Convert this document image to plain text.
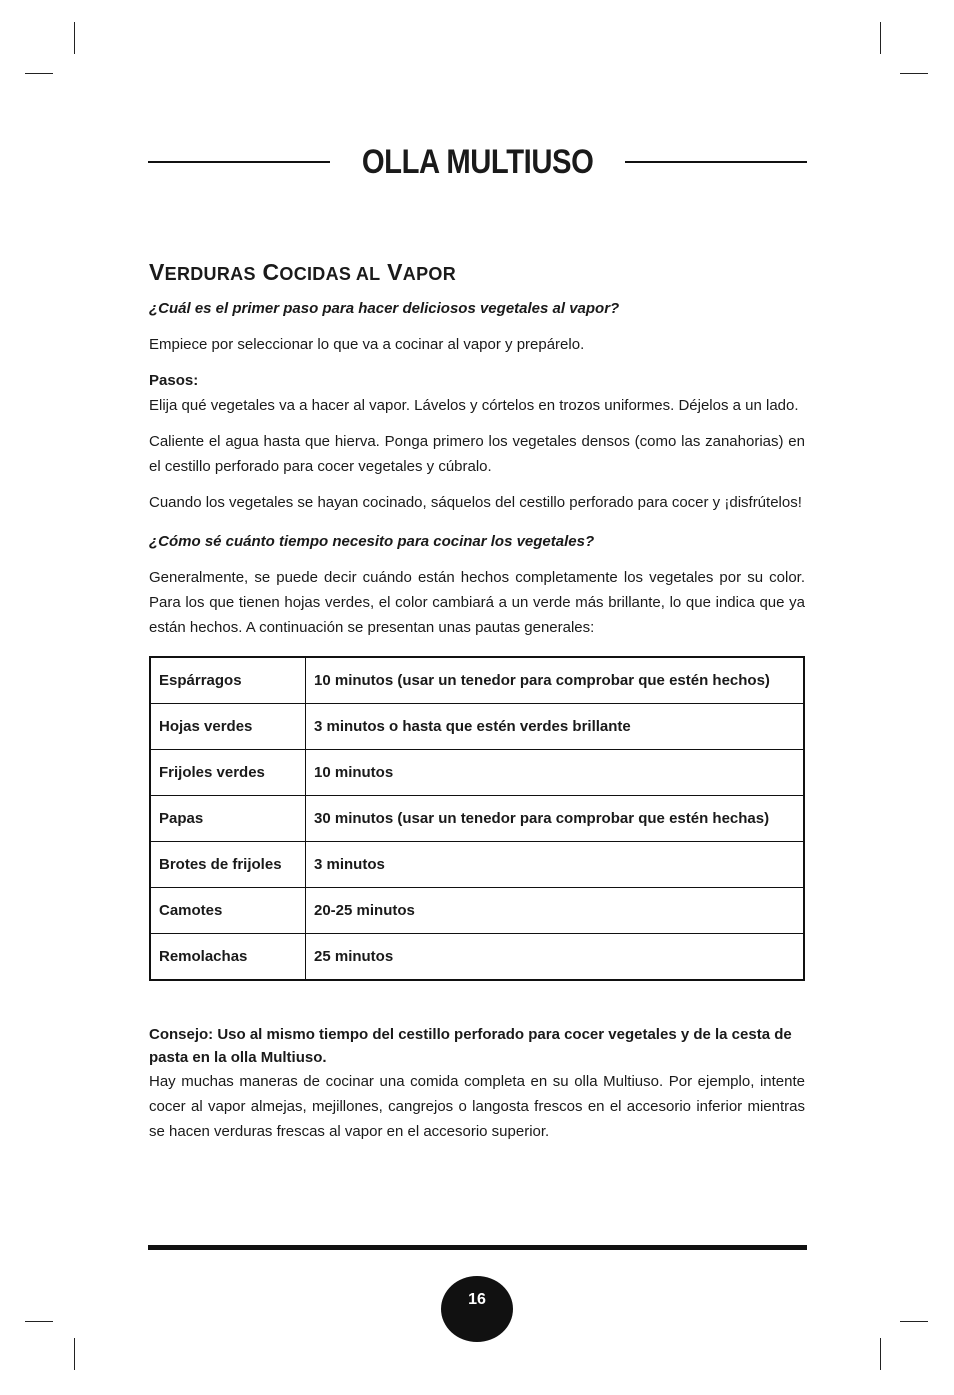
OLLA MULTIUSO
VERDURAS COCIDAS AL VAPOR
¿Cuál es el primer paso para hacer deliciosos vegetales al vapor?

Empiece por seleccionar lo que va a cocinar al vapor y prepárelo.

Pasos:

Elija qué vegetales va a hacer al vapor. Lávelos y córtelos en trozos uniformes. Déjelos a un lado.

Caliente el agua hasta que hierva. Ponga primero los vegetales densos (como las zanahorias) en el cestillo perforado para cocer vegetales y cúbralo.

Cuando los vegetales se hayan cocinado, sáquelos del cestillo perforado para cocer y ¡disfrútelos!

¿Cómo sé cuánto tiempo necesito para cocinar los vegetales?

Generalmente, se puede decir cuándo están hechos completamente los vegetales por su color. Para los que tienen hojas verdes, el color cambiará a un verde más brillante, lo que indica que ya están hechos. A continuación se presentan unas pautas generales:

Espárragos	10 minutos (usar un tenedor para comprobar que estén hechos)
Hojas verdes	3 minutos o hasta que estén verdes brillante
Frijoles verdes	10 minutos
Papas	30 minutos (usar un tenedor para comprobar que estén hechas)
Brotes de frijoles	3 minutos
Camotes	20-25 minutos
Remolachas	25 minutos
Consejo: Uso al mismo tiempo del cestillo perforado para cocer vegetales y de la cesta de pasta en la olla Multiuso.

Hay muchas maneras de cocinar una comida completa en su olla Multiuso. Por ejemplo, intente cocer al vapor almejas, mejillones, cangrejos o langosta frescos en el accesorio inferior mientras se hacen verduras frescas al vapor en el accesorio superior.

16
